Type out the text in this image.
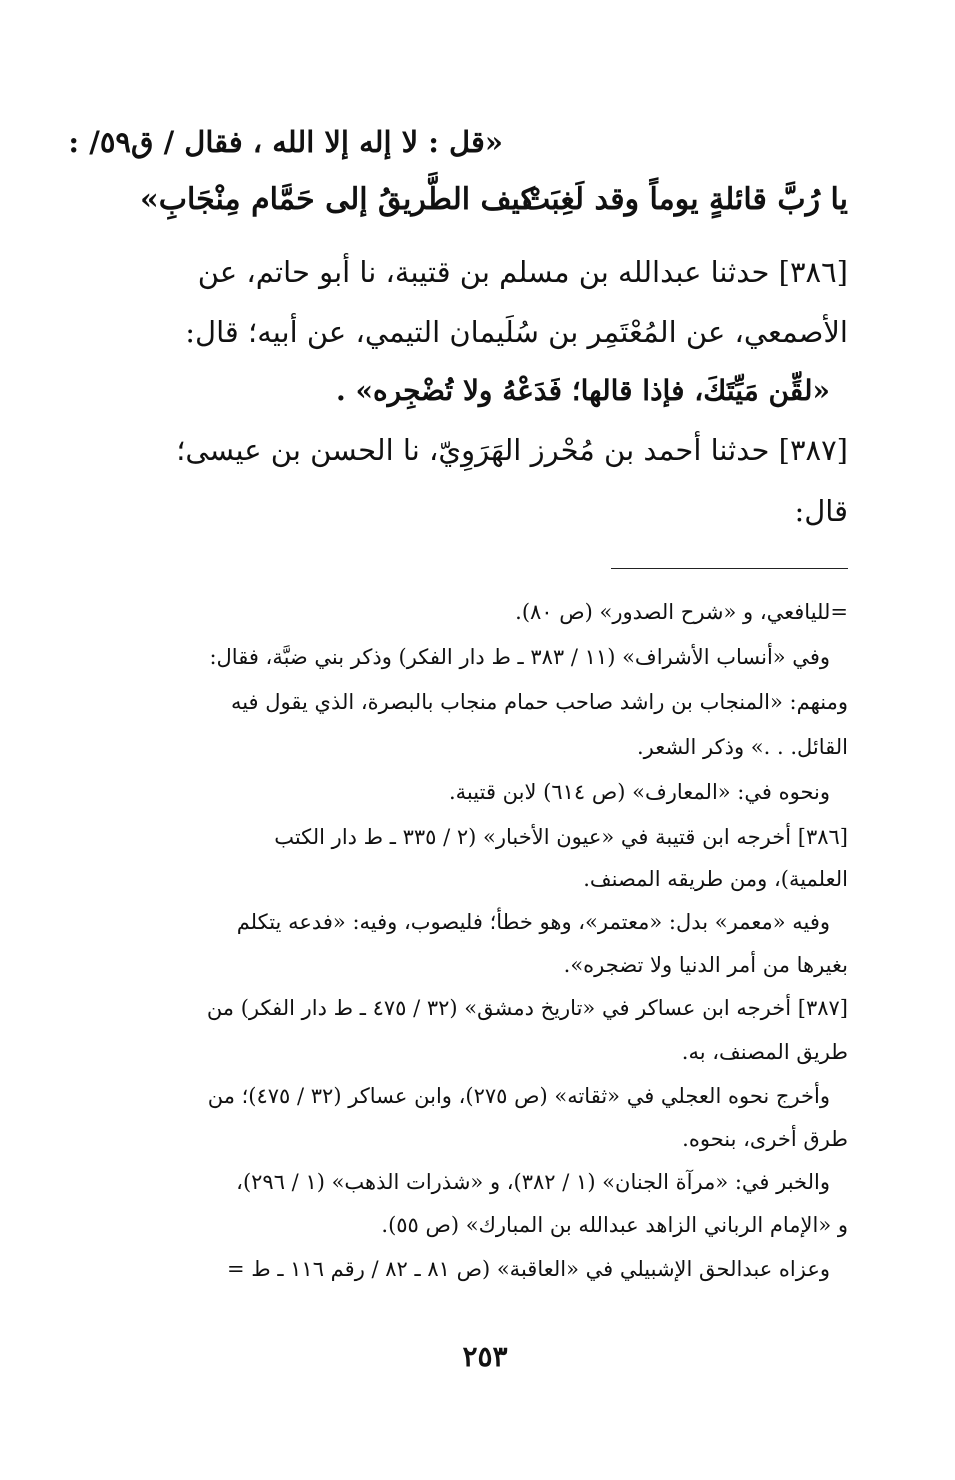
«قل : لا إله إلا الله ، فقال / ق٥٩/ :
يا رُبَّ قائلةٍ يوماً وقد لَغِبَتْ
كيف الطَّريقُ إلى حَمَّام مِنْجَابِ»
[٣٨٦] حدثنا عبدالله بن مسلم بن قتيبة، نا أبو حاتم، عن
الأصمعي، عن المُعْتَمِر بن سُلَيمان التيمي، عن أبيه؛ قال:
«لقِّن مَيِّتَكَ، فإذا قالها؛ فَدَعْهُ ولا تُضْجِره» .
[٣٨٧] حدثنا أحمد بن مُحْرز الهَرَوِيّ، نا الحسن بن عيسى؛
قال:
=لليافعي، و «شرح الصدور» (ص ٨٠).
وفي «أنساب الأشراف» (١١ / ٣٨٣ ـ ط دار الفكر) وذكر بني ضبَّة، فقال:
ومنهم: «المنجاب بن راشد صاحب حمام منجاب بالبصرة، الذي يقول فيه
القائل. . .» وذكر الشعر.
ونحوه في: «المعارف» (ص ٦١٤) لابن قتيبة.
[٣٨٦] أخرجه ابن قتيبة في «عيون الأخبار» (٢ / ٣٣٥ ـ ط دار الكتب
العلمية)، ومن طريقه المصنف.
وفيه «معمر» بدل: «معتمر»، وهو خطأ؛ فليصوب، وفيه: «فدعه يتكلم
بغيرها من أمر الدنيا ولا تضجره».
[٣٨٧] أخرجه ابن عساكر في «تاريخ دمشق» (٣٢ / ٤٧٥ ـ ط دار الفكر) من
طريق المصنف، به.
وأخرج نحوه العجلي في «ثقاته» (ص ٢٧٥)، وابن عساكر (٣٢ / ٤٧٥)؛ من
طرق أخرى، بنحوه.
والخبر في: «مرآة الجنان» (١ / ٣٨٢)، و «شذرات الذهب» (١ / ٢٩٦)،
و «الإمام الرباني الزاهد عبدالله بن المبارك» (ص ٥٥).
وعزاه عبدالحق الإشبيلي في «العاقبة» (ص ٨١ ـ ٨٢ / رقم ١١٦ ـ ط =
٢٥٣
